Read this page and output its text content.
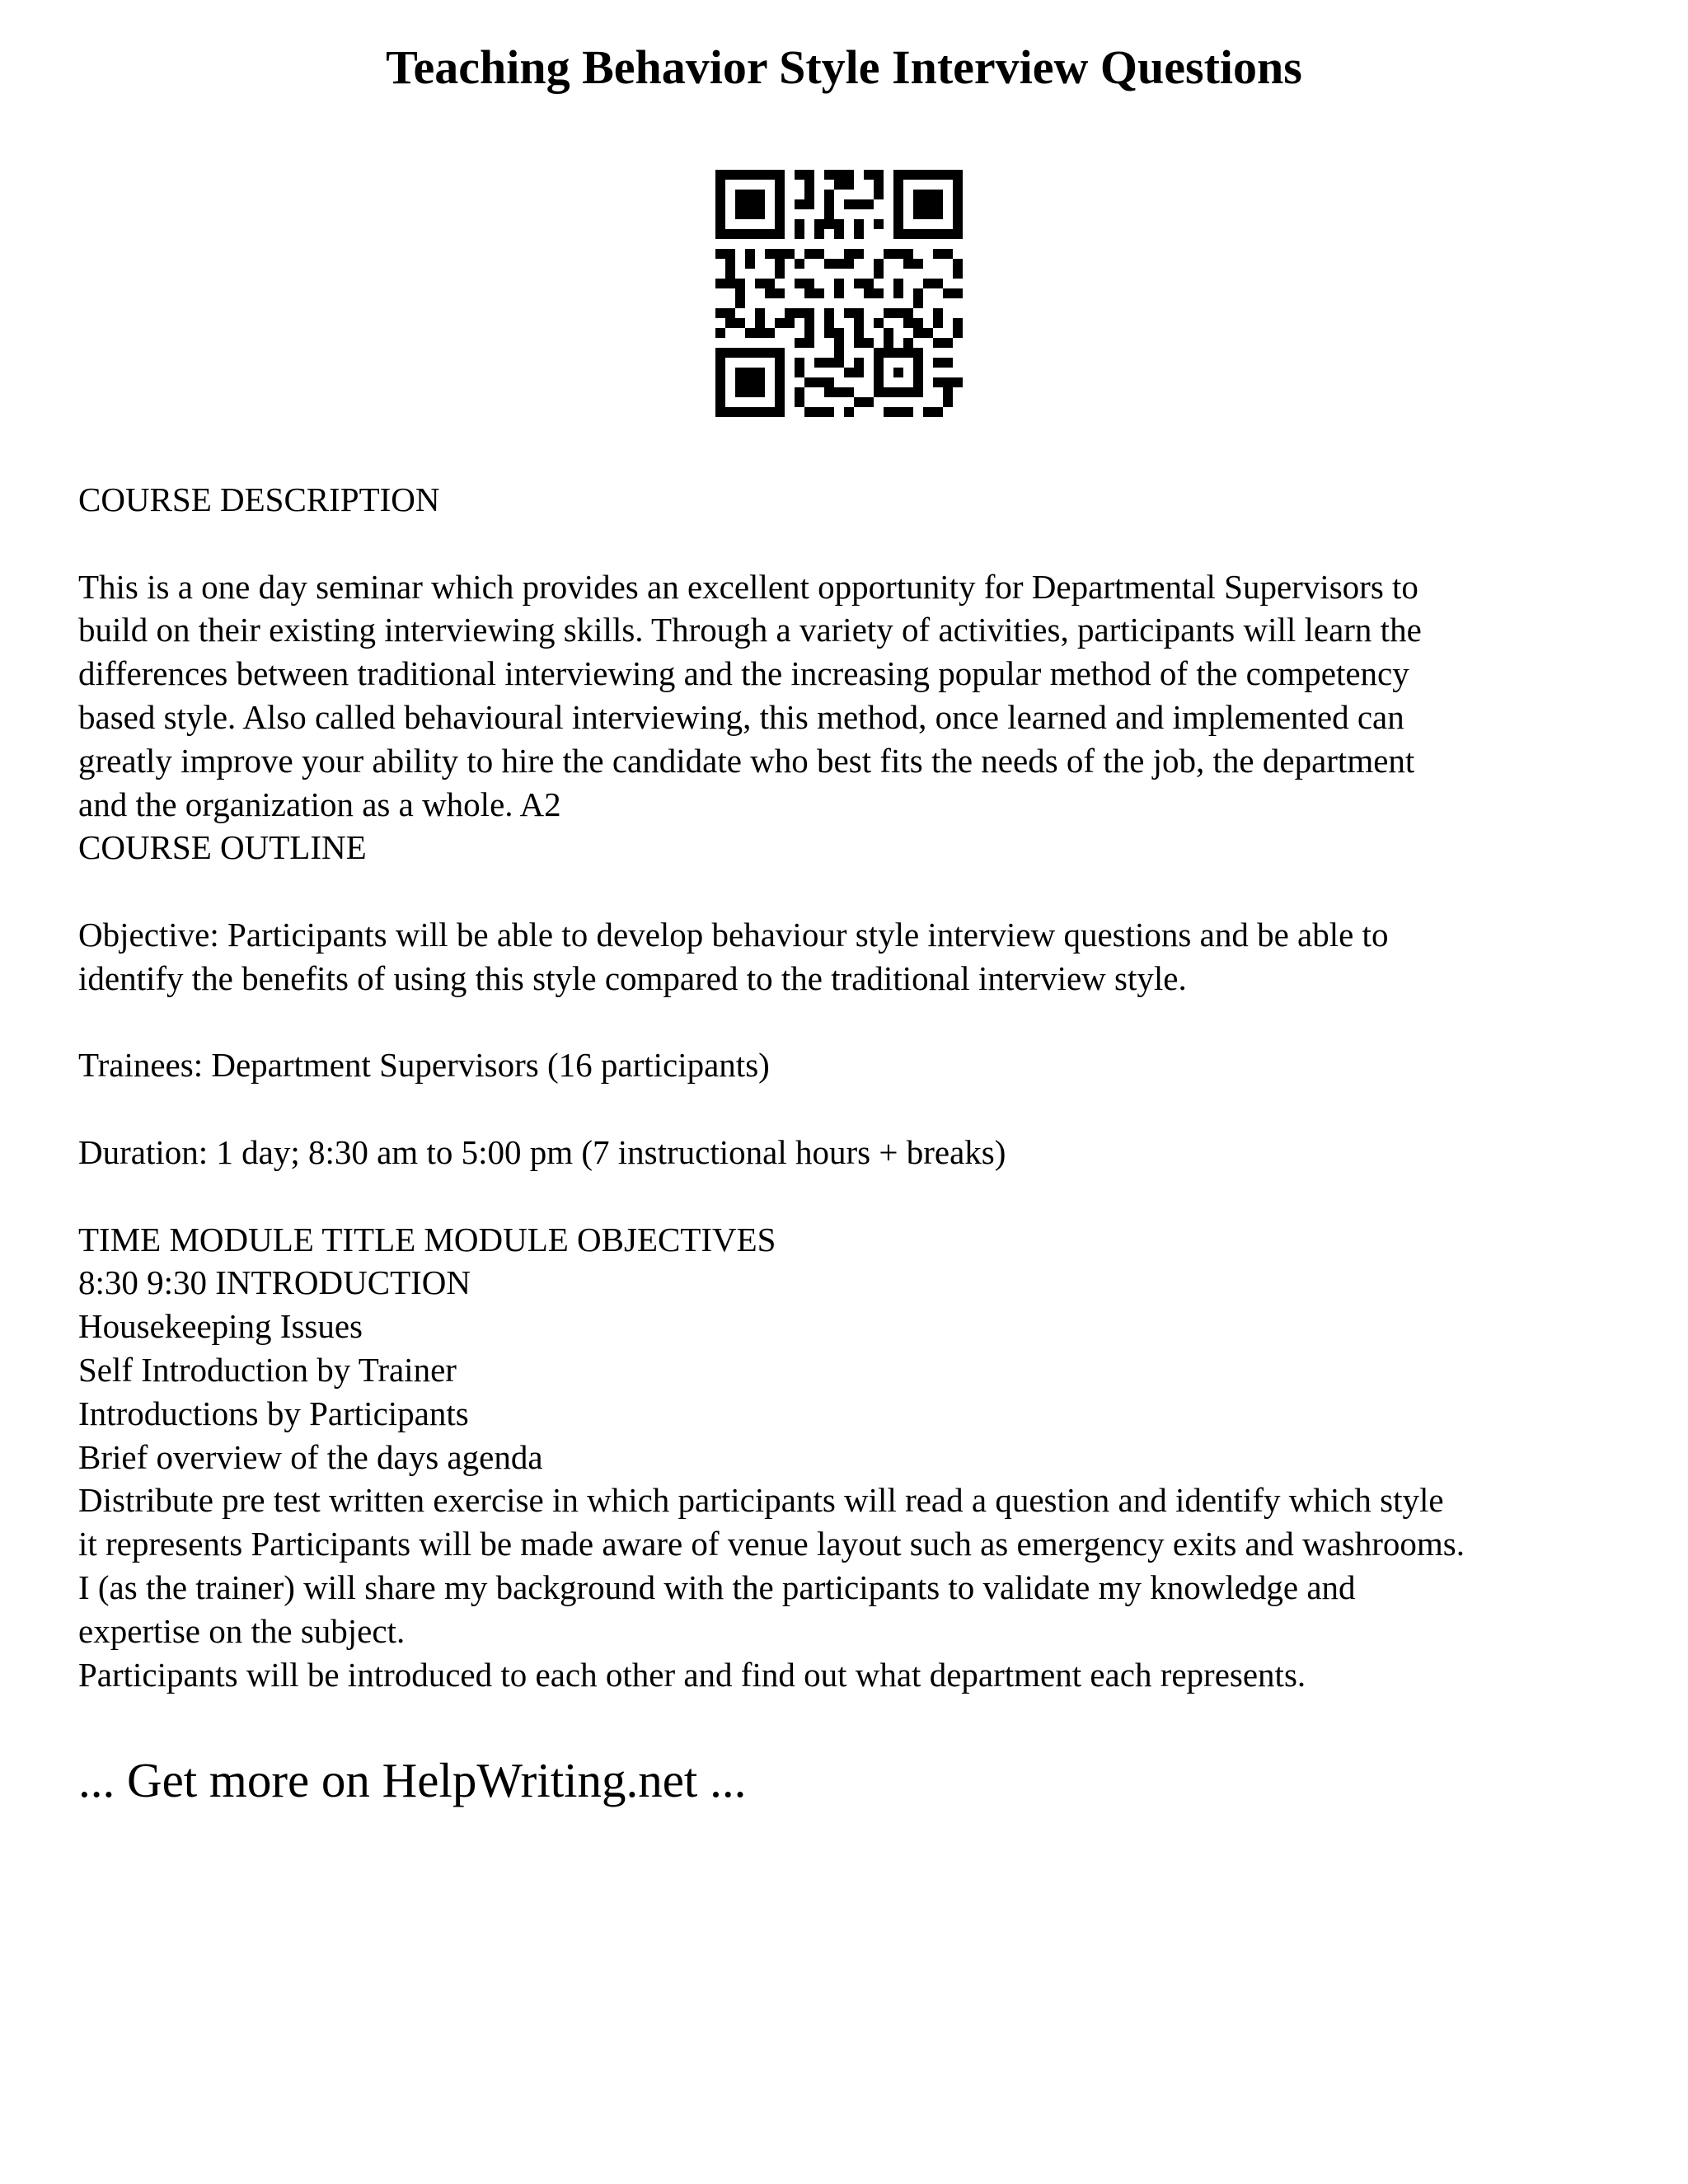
Teaching Behavior Style Interview Questions

COURSE DESCRIPTION

This is a one day seminar which provides an excellent opportunity for Departmental Supervisors to

build on their existing interviewing skills. Through a variety of activities, participants will learn the

differences between traditional interviewing and the increasing popular method of the competency

based style. Also called behavioural interviewing, this method, once learned and implemented can

greatly improve your ability to hire the candidate who best fits the needs of the job, the department

and the organization as a whole. A2

COURSE OUTLINE

Objective: Participants will be able to develop behaviour style interview questions and be able to

identify the benefits of using this style compared to the traditional interview style.

Trainees: Department Supervisors (16 participants)

Duration: 1 day; 8:30 am to 5:00 pm (7 instructional hours + breaks)

TIME MODULE TITLE MODULE OBJECTIVES

8:30 9:30 INTRODUCTION

Housekeeping Issues

Self Introduction by Trainer

Introductions by Participants

Brief overview of the days agenda

Distribute pre test written exercise in which participants will read a question and identify which style

it represents Participants will be made aware of venue layout such as emergency exits and washrooms.

I (as the trainer) will share my background with the participants to validate my knowledge and

expertise on the subject.

Participants will be introduced to each other and find out what department each represents.

... Get more on HelpWriting.net ...
